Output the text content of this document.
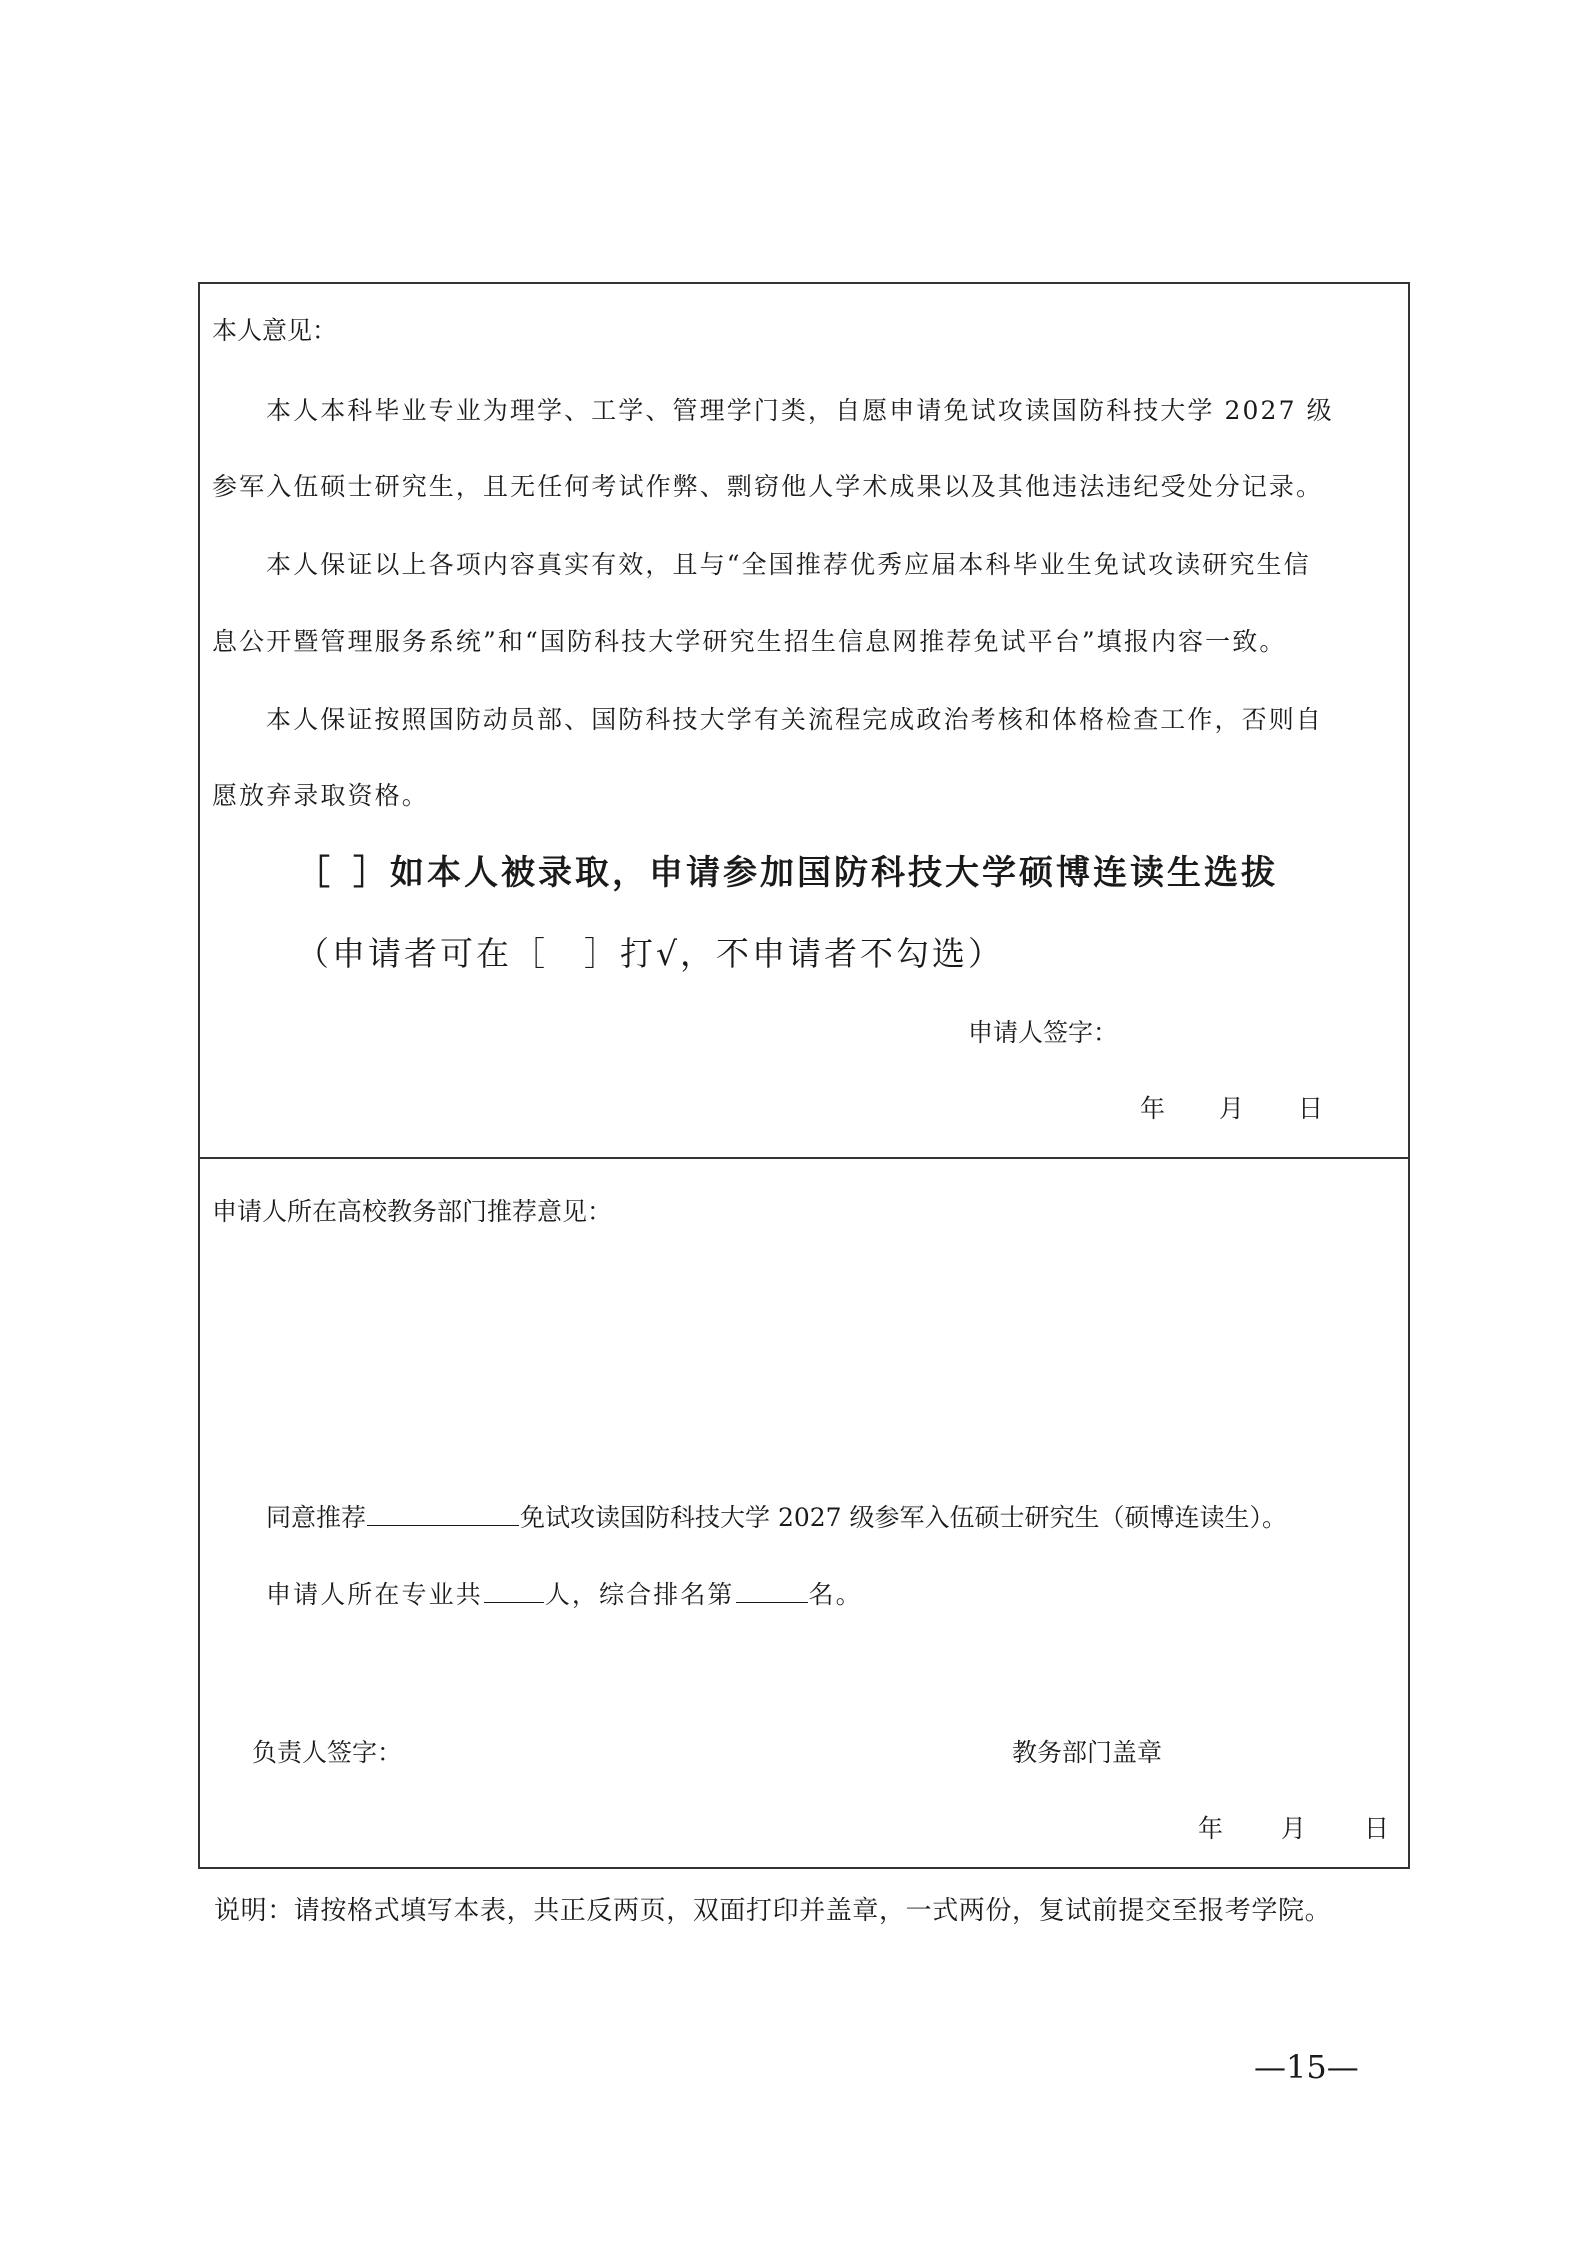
本人意见：
本人本科毕业专业为理学、工学、管理学门类，自愿申请免试攻读国防科技大学 2027 级
参军入伍硕士研究生，且无任何考试作弊、剽窃他人学术成果以及其他违法违纪受处分记录。
本人保证以上各项内容真实有效，且与“全国推荐优秀应届本科毕业生免试攻读研究生信
息公开暨管理服务系统”和“国防科技大学研究生招生信息网推荐免试平台”填报内容一致。
本人保证按照国防动员部、国防科技大学有关流程完成政治考核和体格检查工作，否则自
愿放弃录取资格。
［ ］如本人被录取，申请参加国防科技大学硕博连读生选拔
（申请者可在［　］打√，不申请者不勾选）
申请人签字：
年 月 日
申请人所在高校教务部门推荐意见：
同意推荐	免试攻读国防科技大学 2027 级参军入伍硕士研究生（硕博连读生）。
申请人所在专业共 人，综合排名第	名。
负责人签字：	教务部门盖章
年 月 日
说明：请按格式填写本表，共正反两页，双面打印并盖章，一式两份，复试前提交至报考学院。
—15—
